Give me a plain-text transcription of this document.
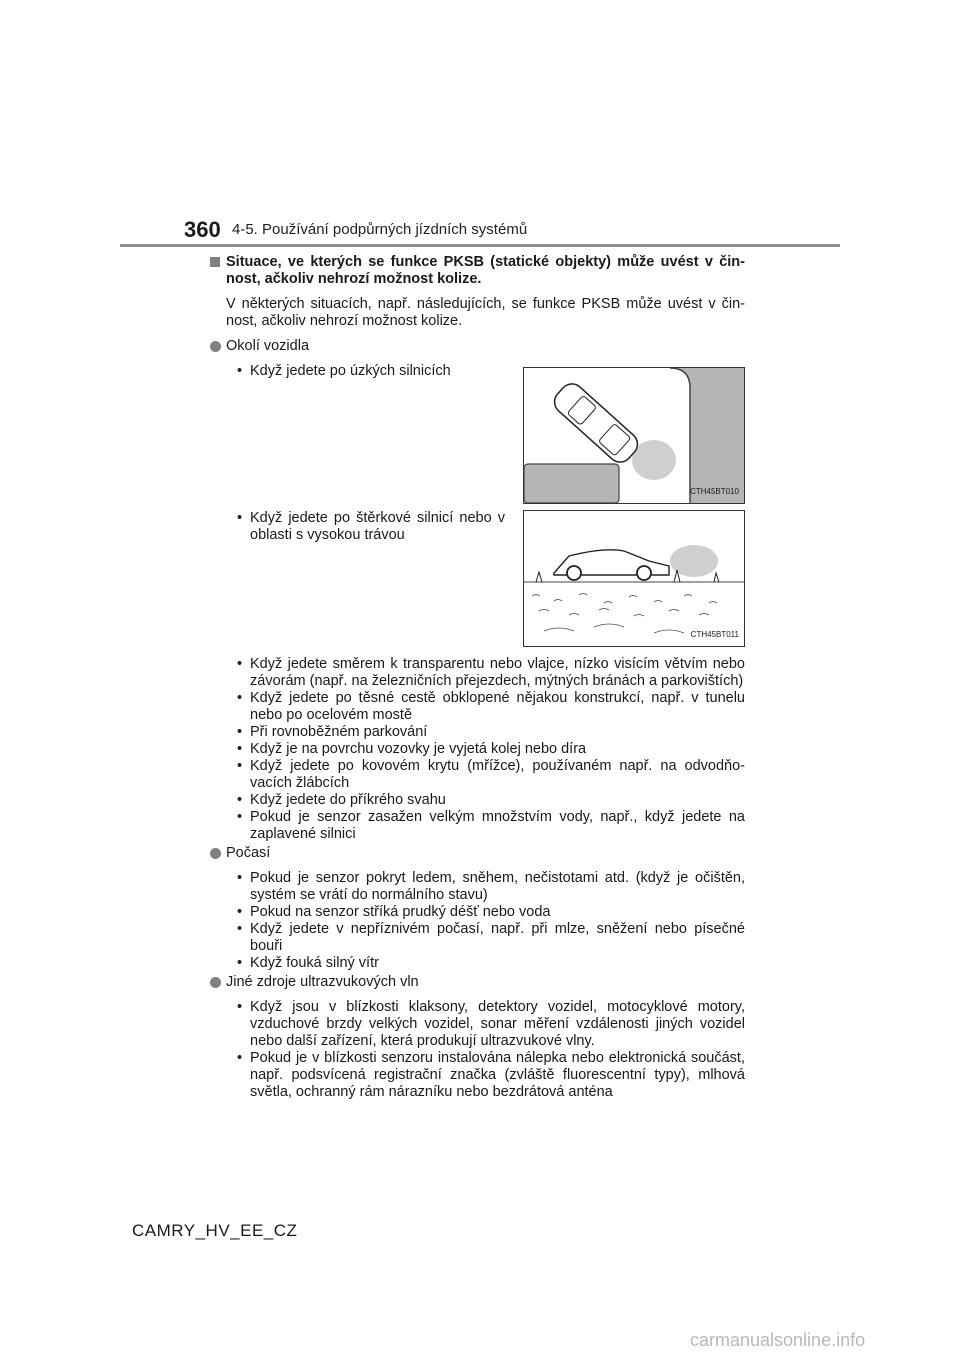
360 4-5. Používání podpůrných jízdních systémů
Situace, ve kterých se funkce PKSB (statické objekty) může uvést v činnost, ačkoliv nehrozí možnost kolize.
V některých situacích, např. následujících, se funkce PKSB může uvést v činnost, ačkoliv nehrozí možnost kolize.
Okolí vozidla
• Když jedete po úzkých silnicích
CTH45BT010
• Když jedete po štěrkové silnicí nebo v oblasti s vysokou trávou
CTH45BT011
• Když jedete směrem k transparentu nebo vlajce, nízko visícím větvím nebo závorám (např. na železničních přejezdech, mýtných bránách a parkovištích)
• Když jedete po těsné cestě obklopené nějakou konstrukcí, např. v tunelu nebo po ocelovém mostě
• Při rovnoběžném parkování
• Když je na povrchu vozovky je vyjetá kolej nebo díra
• Když jedete po kovovém krytu (mřížce), používaném např. na odvodňovacích žlábcích
• Když jedete do příkrého svahu
• Pokud je senzor zasažen velkým množstvím vody, např., když jedete na zaplavené silnici
Počasí
• Pokud je senzor pokryt ledem, sněhem, nečistotami atd. (když je očištěn, systém se vrátí do normálního stavu)
• Pokud na senzor stříká prudký déšť nebo voda
• Když jedete v nepříznivém počasí, např. při mlze, sněžení nebo písečné bouři
• Když fouká silný vítr
Jiné zdroje ultrazvukových vln
• Když jsou v blízkosti klaksony, detektory vozidel, motocyklové motory, vzduchové brzdy velkých vozidel, sonar měření vzdálenosti jiných vozidel nebo další zařízení, která produkují ultrazvukové vlny.
• Pokud je v blízkosti senzoru instalována nálepka nebo elektronická součást, např. podsvícená registrační značka (zvláště fluorescentní typy), mlhová světla, ochranný rám nárazníku nebo bezdrátová anténa
CAMRY_HV_EE_CZ
carmanualsonline.info
